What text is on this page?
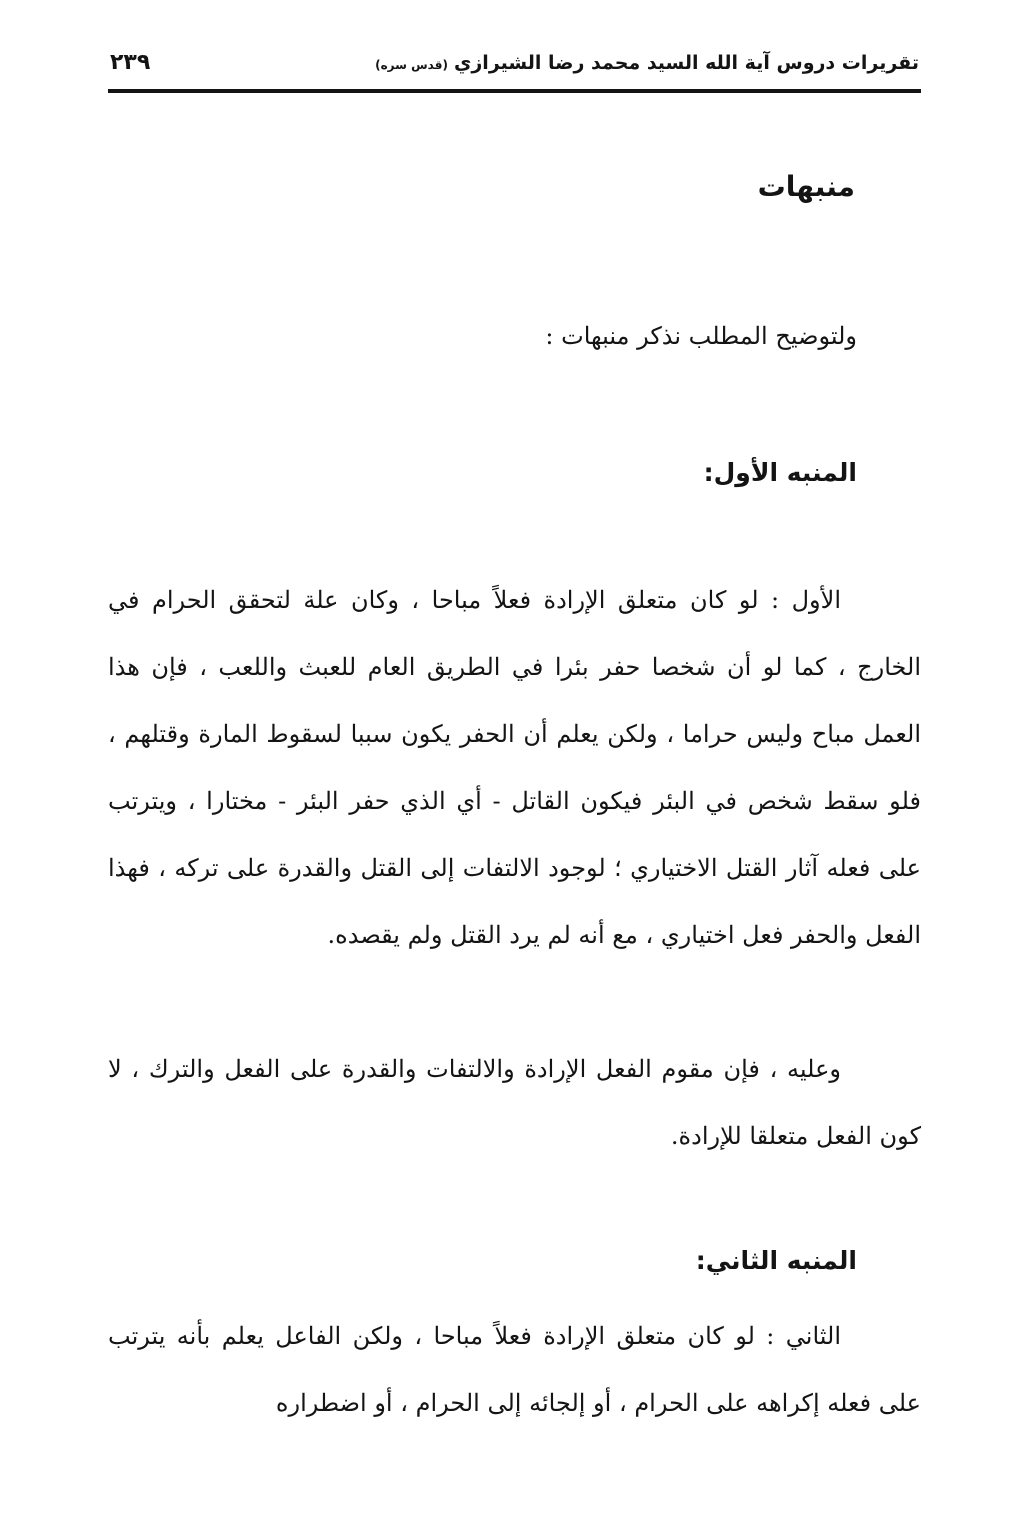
تقريرات دروس آية الله السيد محمد رضا الشيرازي(قدس سره)
٢٣٩
منبهات
ولتوضيح المطلب نذكر منبهات :
المنبه الأول:

الأول : لو كان متعلق الإرادة فعلاً مباحا ، وكان علة لتحقق الحرام في الخارج ، كما لو أن شخصا حفر بئرا في الطريق العام للعبث واللعب ، فإن هذا العمل مباح وليس حراما ، ولكن يعلم أن الحفر يكون سببا لسقوط المارة وقتلهم ، فلو سقط شخص في البئر فيكون القاتل - أي الذي حفر البئر - مختارا ، ويترتب على فعله آثار القتل الاختياري ؛ لوجود الالتفات إلى القتل والقدرة على تركه ، فهذا الفعل والحفر فعل اختياري ، مع أنه لم يرد القتل ولم يقصده.

وعليه ، فإن مقوم الفعل الإرادة والالتفات والقدرة على الفعل والترك ، لا كون الفعل متعلقا للإرادة.

المنبه الثاني:

الثاني : لو كان متعلق الإرادة فعلاً مباحا ، ولكن الفاعل يعلم بأنه يترتب على فعله إكراهه على الحرام ، أو إلجائه إلى الحرام ، أو اضطراره
